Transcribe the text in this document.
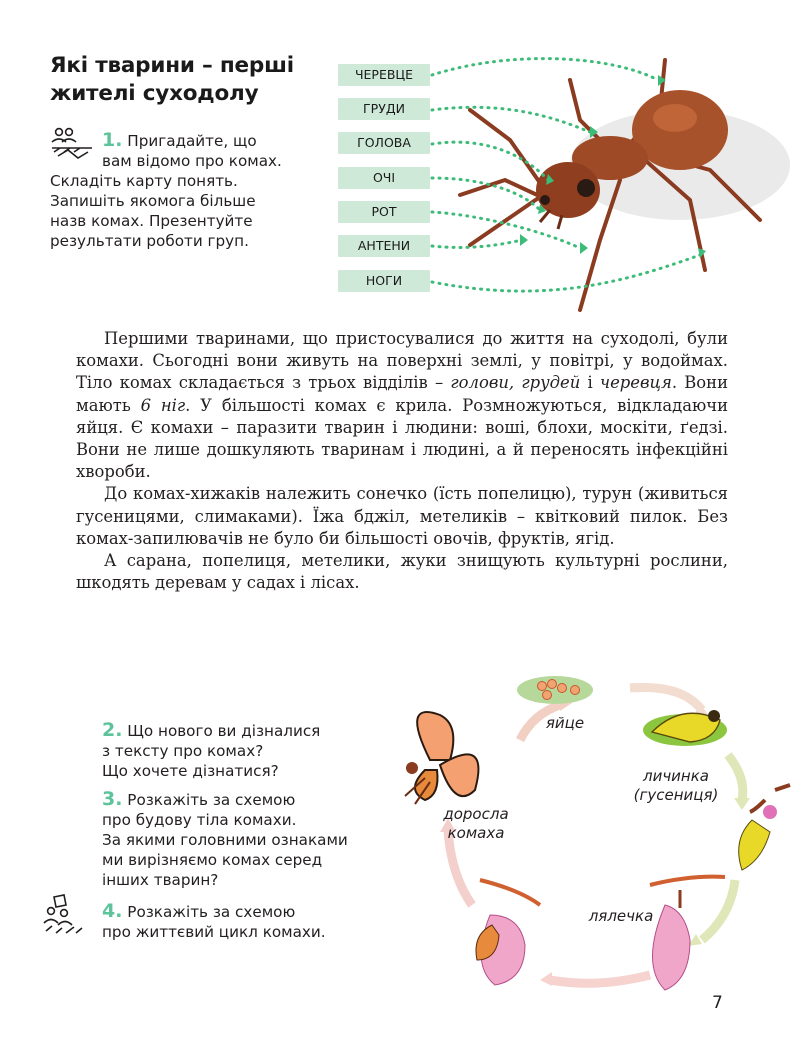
Які тварини – перші жителі суходолу
1. Пригадайте, що
вам відомо про комах.
Складіть карту понять.
Запишіть якомога більше
назв комах. Презентуйте
результати роботи груп.
ЧЕРЕВЦЕ
ГРУДИ
ГОЛОВА
ОЧІ
РОТ
АНТЕНИ
НОГИ

Першими тваринами, що пристосувалися до життя на суходолі, були комахи. Сьогодні вони живуть на поверхні землі, у повітрі, у водоймах. Тіло комах складається з трьох відділів – голови, грудей і черевця. Вони мають 6 ніг. У більшості комах є крила. Розмножуються, відкладаючи яйця. Є комахи – паразити тварин і людини: воші, блохи, москіти, ґедзі. Вони не лише дошкуляють тваринам і людині, а й переносять інфекційні хвороби.

До комах-хижаків належить сонечко (їсть попелицю), турун (живиться гусеницями, слимаками). Їжа бджіл, метеликів – квітковий пилок. Без комах-запилювачів не було би більшості овочів, фруктів, ягід.

А сарана, попелиця, метелики, жуки знищують культурні рослини, шкодять деревам у садах і лісах.

2. Що нового ви дізналися
з тексту про комах?
Що хочете дізнатися?
3. Розкажіть за схемою
про будову тіла комахи.
За якими головними ознаками
ми вирізняємо комах серед
інших тварин?
4. Розкажіть за схемою
про життєвий цикл комахи.
яйце
личинка
(гусениця)
лялечка
доросла
комаха
7
